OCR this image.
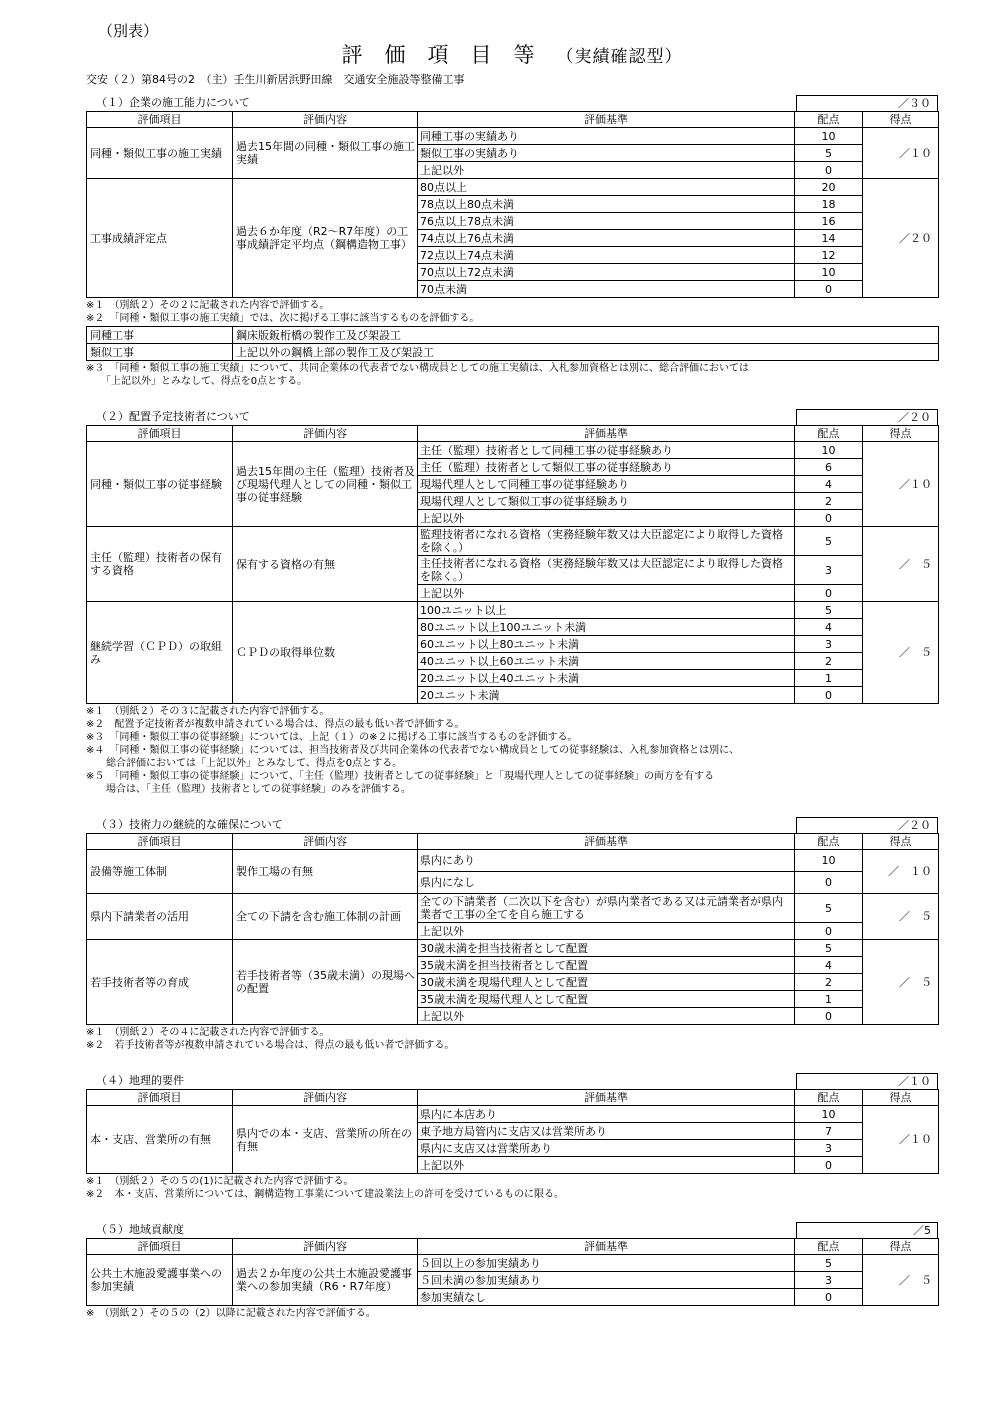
（別表）
評価項目等（実績確認型）
交安（２）第84号の2　（主）壬生川新居浜野田線　交通安全施設等整備工事
（１）企業の施工能力について	／３０
評価項目	評価内容	評価基準	配点	得点
同種・類似工事の施工実績	過去15年間の同種・類似工事の施工実績	同種工事の実績あり	10	／１０
		類似工事の実績あり	5	
		上記以外	0	
工事成績評定点	過去６か年度（R2～R7年度）の工事成績評定平均点（鋼構造物工事）	80点以上	20	／２０
		78点以上80点未満	18	
		76点以上78点未満	16	
		74点以上76点未満	14	
		72点以上74点未満	12	
		70点以上72点未満	10	
		70点未満	0	
※１　（別紙２）その２に記載された内容で評価する。
※２　「同種・類似工事の施工実績」では、次に掲げる工事に該当するものを評価する。
同種工事	鋼床版鈑桁橋の製作工及び架設工
類似工事	上記以外の鋼橋上部の製作工及び架設工
※３　「同種・類似工事の施工実績」について、共同企業体の代表者でない構成員としての施工実績は、入札参加資格とは別に、総合評価においては
　　「上記以外」とみなして、得点を0点とする。
（２）配置予定技術者について	／２０
評価項目	評価内容	評価基準	配点	得点
同種・類似工事の従事経験	過去15年間の主任（監理）技術者及び現場代理人としての同種・類似工事の従事経験	主任（監理）技術者として同種工事の従事経験あり	10	／１０
		主任（監理）技術者として類似工事の従事経験あり	6	
		現場代理人として同種工事の従事経験あり	4	
		現場代理人として類似工事の従事経験あり	2	
		上記以外	0	
主任（監理）技術者の保有する資格	保有する資格の有無	監理技術者になれる資格（実務経験年数又は大臣認定により取得した資格を除く。）	5	／　５
		主任技術者になれる資格（実務経験年数又は大臣認定により取得した資格を除く。）	3	
		上記以外	0	
継続学習（ＣＰＤ）の取組み	ＣＰＤの取得単位数	100ユニット以上	5	／　５
		80ユニット以上100ユニット未満	4	
		60ユニット以上80ユニット未満	3	
		40ユニット以上60ユニット未満	2	
		20ユニット以上40ユニット未満	1	
		20ユニット未満	0	
※１　（別紙２）その３に記載された内容で評価する。
※２　配置予定技術者が複数申請されている場合は、得点の最も低い者で評価する。
※３　「同種・類似工事の従事経験」については、上記（１）の※２に掲げる工事に該当するものを評価する。
※４　「同種・類似工事の従事経験」については、担当技術者及び共同企業体の代表者でない構成員としての従事経験は、入札参加資格とは別に、
　　総合評価においては「上記以外」とみなして、得点を0点とする。
※５　「同種・類似工事の従事経験」について、「主任（監理）技術者としての従事経験」と「現場代理人としての従事経験」の両方を有する
　　場合は、「主任（監理）技術者としての従事経験」のみを評価する。
（３）技術力の継続的な確保について	／２０
評価項目	評価内容	評価基準	配点	得点
設備等施工体制	製作工場の有無	県内にあり	10	／　１０
		県内になし	0	
県内下請業者の活用	全ての下請を含む施工体制の計画	全ての下請業者（二次以下を含む）が県内業者である又は元請業者が県内業者で工事の全てを自ら施工する	5	／　５
		上記以外	0	
若手技術者等の育成	若手技術者等（35歳未満）の現場への配置	30歳未満を担当技術者として配置	5	／　５
		35歳未満を担当技術者として配置	4	
		30歳未満を現場代理人として配置	2	
		35歳未満を現場代理人として配置	1	
		上記以外	0	
※１　（別紙２）その４に記載された内容で評価する。
※２　若手技術者等が複数申請されている場合は、得点の最も低い者で評価する。
（４）地理的要件	／１０
評価項目	評価内容	評価基準	配点	得点
本・支店、営業所の有無	県内での本・支店、営業所の所在の有無	県内に本店あり	10	／１０
		東予地方局管内に支店又は営業所あり	7	
		県内に支店又は営業所あり	3	
		上記以外	0	
※１　（別紙２）その５の(1)に記載された内容で評価する。
※２　本・支店、営業所については、鋼構造物工事業について建設業法上の許可を受けているものに限る。
（５）地域貢献度	／5
評価項目	評価内容	評価基準	配点	得点
公共土木施設愛護事業への参加実績	過去２か年度の公共土木施設愛護事業への参加実績（R6・R7年度）	５回以上の参加実績あり	5	／　５
		５回未満の参加実績あり	3	
		参加実績なし	0	
※　（別紙２）その５の（2）以降に記載された内容で評価する。
